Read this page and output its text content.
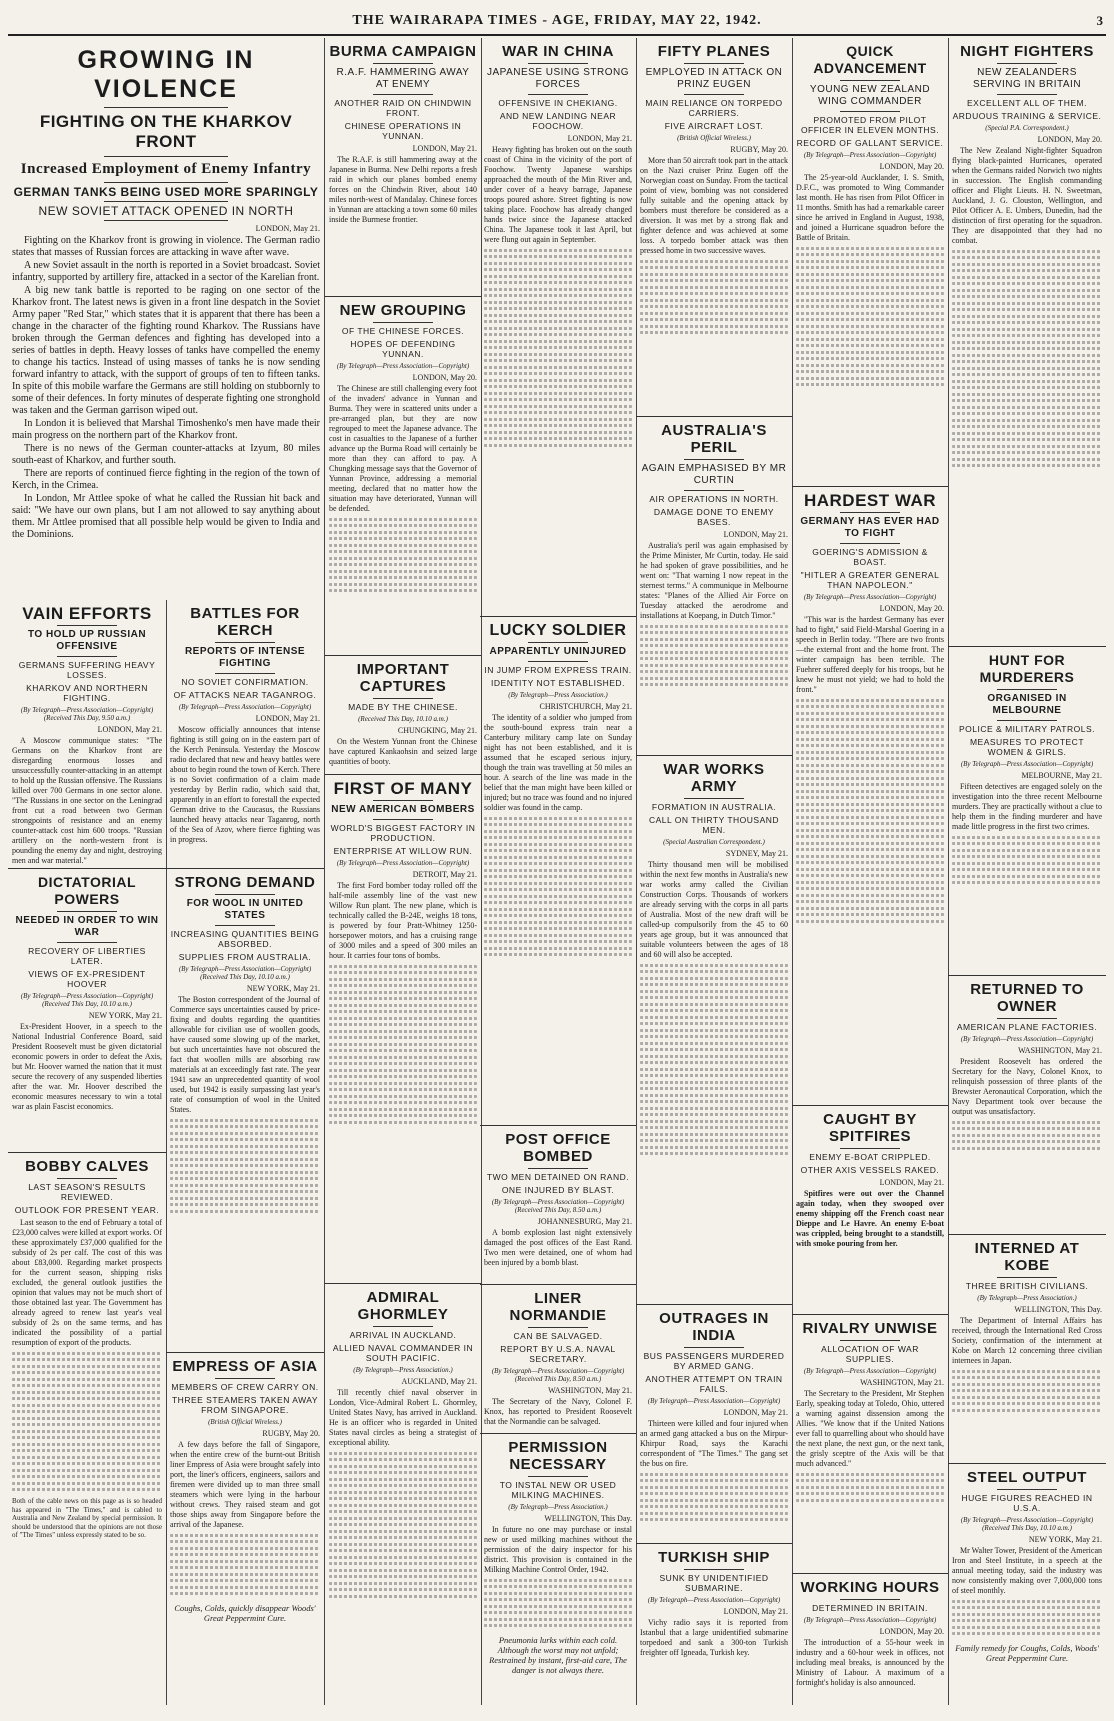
THE WAIRARAPA TIMES - AGE, FRIDAY, MAY 22, 1942.	3
GROWING IN VIOLENCE
FIGHTING ON THE KHARKOV FRONT
Increased Employment of Enemy Infantry
GERMAN TANKS BEING USED MORE SPARINGLY
NEW SOVIET ATTACK OPENED IN NORTH
LONDON, May 21.

Fighting on the Kharkov front is growing in violence. The German radio states that masses of Russian forces are attacking in wave after wave.

A new Soviet assault in the north is reported in a Soviet broadcast. Soviet infantry, supported by artillery fire, attacked in a sector of the Karelian front.

A big new tank battle is reported to be raging on one sector of the Kharkov front. The latest news is given in a front line despatch in the Soviet Army paper "Red Star," which states that it is apparent that there has been a change in the character of the fighting round Kharkov. The Russians have broken through the German defences and fighting has developed into a series of battles in depth. Heavy losses of tanks have compelled the enemy to change his tactics. Instead of using masses of tanks he is now sending forward infantry to attack, with the support of groups of ten to fifteen tanks. In spite of this mobile warfare the Germans are still holding on stubbornly to some of their defences. In forty minutes of desperate fighting one stronghold was taken and the German garrison wiped out.

In London it is believed that Marshal Timoshenko's men have made their main progress on the northern part of the Kharkov front.

There is no news of the German counter-attacks at Izyum, 80 miles south-east of Kharkov, and further south.

There are reports of continued fierce fighting in the region of the town of Kerch, in the Crimea.

In London, Mr Attlee spoke of what he called the Russian hit back and said: "We have our own plans, but I am not allowed to say anything about them. Mr Attlee promised that all possible help would be given to India and the Dominions.

VAIN EFFORTS
TO HOLD UP RUSSIAN OFFENSIVE
GERMANS SUFFERING HEAVY LOSSES.
KHARKOV AND NORTHERN FIGHTING.
(By Telegraph—Press Association—Copyright) (Received This Day, 9.50 a.m.)
LONDON, May 21.

A Moscow communique states: "The Germans on the Kharkov front are disregarding enormous losses and unsuccessfully counter-attacking in an attempt to hold up the Russian offensive. The Russians killed over 700 Germans in one sector alone. "The Russians in one sector on the Leningrad front cut a road between two German strongpoints of resistance and an enemy counter-attack cost him 600 troops. "Russian artillery on the north-western front is pounding the enemy day and night, destroying men and war material."

DICTATORIAL POWERS
NEEDED IN ORDER TO WIN WAR
RECOVERY OF LIBERTIES LATER.
VIEWS OF EX-PRESIDENT HOOVER
(By Telegraph—Press Association—Copyright) (Received This Day, 10.10 a.m.)
NEW YORK, May 21.

Ex-President Hoover, in a speech to the National Industrial Conference Board, said President Roosevelt must be given dictatorial economic powers in order to defeat the Axis, but Mr. Hoover warned the nation that it must secure the recovery of any suspended liberties after the war. Mr. Hoover described the economic measures necessary to win a total war as plain Fascist economics.

BOBBY CALVES
LAST SEASON'S RESULTS REVIEWED.
OUTLOOK FOR PRESENT YEAR.

Last season to the end of February a total of £23,000 calves were killed at export works. Of these approximately £37,000 qualified for the subsidy of 2s per calf. The cost of this was about £83,000. Regarding market prospects for the current season, shipping risks excluded, the general outlook justifies the opinion that values may not be much short of those obtained last year. The Government has already agreed to renew last year's veal subsidy of 2s on the same terms, and has indicated the possibility of a partial resumption of export of the products.

Both of the cable news on this page as is so headed has appeared in "The Times," and is cabled to Australia and New Zealand by special permission. It should be understood that the opinions are not those of "The Times" unless expressly stated to be so.

BATTLES FOR KERCH
REPORTS OF INTENSE FIGHTING
NO SOVIET CONFIRMATION.
OF ATTACKS NEAR TAGANROG.
(By Telegraph—Press Association—Copyright)
LONDON, May 21.

Moscow officially announces that intense fighting is still going on in the eastern part of the Kerch Peninsula. Yesterday the Moscow radio declared that new and heavy battles were about to begin round the town of Kerch. There is no Soviet confirmation of a claim made yesterday by Berlin radio, which said that, apparently in an effort to forestall the expected German drive to the Caucasus, the Russians launched heavy attacks near Taganrog, north of the Sea of Azov, where fierce fighting was in progress.

STRONG DEMAND
FOR WOOL IN UNITED STATES
INCREASING QUANTITIES BEING ABSORBED.
SUPPLIES FROM AUSTRALIA.
(By Telegraph—Press Association—Copyright) (Received This Day, 10.10 a.m.)
NEW YORK, May 21.

The Boston correspondent of the Journal of Commerce says uncertainties caused by price-fixing and doubts regarding the quantities allowable for civilian use of woollen goods, have caused some slowing up of the market, but such uncertainties have not obscured the fact that woollen mills are absorbing raw materials at an exceedingly fast rate. The year 1941 saw an unprecedented quantity of wool used, but 1942 is easily surpassing last year's rate of consumption of wool in the United States.

EMPRESS OF ASIA
MEMBERS OF CREW CARRY ON.
THREE STEAMERS TAKEN AWAY FROM SINGAPORE.
(British Official Wireless.)
RUGBY, May 20.

A few days before the fall of Singapore, when the entire crew of the burnt-out British liner Empress of Asia were brought safely into port, the liner's officers, engineers, sailors and firemen were divided up to man three small steamers which were lying in the harbour without crews. They raised steam and got those ships away from Singapore before the arrival of the Japanese.

Coughs, Colds, quickly disappear Woods' Great Peppermint Cure.
BURMA CAMPAIGN
R.A.F. HAMMERING AWAY AT ENEMY
ANOTHER RAID ON CHINDWIN FRONT.
CHINESE OPERATIONS IN YUNNAN.
LONDON, May 21.

The R.A.F. is still hammering away at the Japanese in Burma. New Delhi reports a fresh raid in which our planes bombed enemy forces on the Chindwin River, about 140 miles north-west of Mandalay. Chinese forces in Yunnan are attacking a town some 60 miles inside the Burmese frontier.

NEW GROUPING
OF THE CHINESE FORCES.
HOPES OF DEFENDING YUNNAN.
(By Telegraph—Press Association—Copyright)
LONDON, May 20.

The Chinese are still challenging every foot of the invaders' advance in Yunnan and Burma. They were in scattered units under a pre-arranged plan, but they are now regrouped to meet the Japanese advance. The cost in casualties to the Japanese of a further advance up the Burma Road will certainly be more than they can afford to pay. A Chungking message says that the Governor of Yunnan Province, addressing a memorial meeting, declared that no matter how the situation may have deteriorated, Yunnan will be defended.

IMPORTANT CAPTURES
MADE BY THE CHINESE.
(Received This Day, 10.10 a.m.)
CHUNGKING, May 21.

On the Western Yunnan front the Chinese have captured Kankaohsin and seized large quantities of booty.

FIRST OF MANY
NEW AMERICAN BOMBERS
WORLD'S BIGGEST FACTORY IN PRODUCTION.
ENTERPRISE AT WILLOW RUN.
(By Telegraph—Press Association—Copyright)
DETROIT, May 21.

The first Ford bomber today rolled off the half-mile assembly line of the vast new Willow Run plant. The new plane, which is technically called the B-24E, weighs 18 tons, is powered by four Pratt-Whitney 1250-horsepower motors, and has a cruising range of 3000 miles and a speed of 300 miles an hour. It carries four tons of bombs.

ADMIRAL GHORMLEY
ARRIVAL IN AUCKLAND.
ALLIED NAVAL COMMANDER IN SOUTH PACIFIC.
(By Telegraph—Press Association.)
AUCKLAND, May 21.

Till recently chief naval observer in London, Vice-Admiral Robert L. Ghormley, United States Navy, has arrived in Auckland. He is an officer who is regarded in United States naval circles as being a strategist of exceptional ability.

WAR IN CHINA
JAPANESE USING STRONG FORCES
OFFENSIVE IN CHEKIANG.
AND NEW LANDING NEAR FOOCHOW.
LONDON, May 21.

Heavy fighting has broken out on the south coast of China in the vicinity of the port of Foochow. Twenty Japanese warships approached the mouth of the Min River and, under cover of a heavy barrage, Japanese troops poured ashore. Street fighting is now taking place. Foochow has already changed hands twice since the Japanese attacked China. The Japanese took it last April, but were flung out again in September.

LUCKY SOLDIER
APPARENTLY UNINJURED
IN JUMP FROM EXPRESS TRAIN.
IDENTITY NOT ESTABLISHED.
(By Telegraph—Press Association.)
CHRISTCHURCH, May 21.

The identity of a soldier who jumped from the south-bound express train near a Canterbury military camp late on Sunday night has not been established, and it is assumed that he escaped serious injury, though the train was travelling at 50 miles an hour. A search of the line was made in the belief that the man might have been killed or injured; but no trace was found and no injured soldier was found in the camp.

POST OFFICE BOMBED
TWO MEN DETAINED ON RAND.
ONE INJURED BY BLAST.
(By Telegraph—Press Association—Copyright) (Received This Day, 8.50 a.m.)
JOHANNESBURG, May 21.

A bomb explosion last night extensively damaged the post offices of the East Rand. Two men were detained, one of whom had been injured by a bomb blast.

LINER NORMANDIE
CAN BE SALVAGED.
REPORT BY U.S.A. NAVAL SECRETARY.
(By Telegraph—Press Association—Copyright) (Received This Day, 8.50 a.m.)
WASHINGTON, May 21.

The Secretary of the Navy, Colonel F. Knox, has reported to President Roosevelt that the Normandie can be salvaged.

PERMISSION NECESSARY
TO INSTAL NEW OR USED MILKING MACHINES.
(By Telegraph—Press Association.)
WELLINGTON, This Day.

In future no one may purchase or instal new or used milking machines without the permission of the dairy inspector for his district. This provision is contained in the Milking Machine Control Order, 1942.

Pneumonia lurks within each cold. Although the worst may not unfold; Restrained by instant, first-aid care, The danger is not always there.
FIFTY PLANES
EMPLOYED IN ATTACK ON PRINZ EUGEN
MAIN RELIANCE ON TORPEDO CARRIERS.
FIVE AIRCRAFT LOST.
(British Official Wireless.)
RUGBY, May 20.

More than 50 aircraft took part in the attack on the Nazi cruiser Prinz Eugen off the Norwegian coast on Sunday. From the tactical point of view, bombing was not considered fully suitable and the opening attack by bombers must therefore be considered as a diversion. It was met by a strong flak and fighter defence and was achieved at some loss. A torpedo bomber attack was then pressed home in two successive waves.

AUSTRALIA'S PERIL
AGAIN EMPHASISED BY MR CURTIN
AIR OPERATIONS IN NORTH.
DAMAGE DONE TO ENEMY BASES.
LONDON, May 21.

Australia's peril was again emphasised by the Prime Minister, Mr Curtin, today. He said he had spoken of grave possibilities, and he went on: "That warning I now repeat in the sternest terms." A communique in Melbourne states: "Planes of the Allied Air Force on Tuesday attacked the aerodrome and installations at Koepang, in Dutch Timor."

WAR WORKS ARMY
FORMATION IN AUSTRALIA.
CALL ON THIRTY THOUSAND MEN.
(Special Australian Correspondent.)
SYDNEY, May 21.

Thirty thousand men will be mobilised within the next few months in Australia's new war works army called the Civilian Construction Corps. Thousands of workers are already serving with the corps in all parts of Australia. Most of the new draft will be called-up compulsorily from the 45 to 60 years age group, but it was announced that suitable volunteers between the ages of 18 and 60 will also be accepted.

OUTRAGES IN INDIA
BUS PASSENGERS MURDERED BY ARMED GANG.
ANOTHER ATTEMPT ON TRAIN FAILS.
(By Telegraph—Press Association—Copyright)
LONDON, May 21.

Thirteen were killed and four injured when an armed gang attacked a bus on the Mirpur-Khirpur Road, says the Karachi correspondent of "The Times." The gang set the bus on fire.

TURKISH SHIP
SUNK BY UNIDENTIFIED SUBMARINE.
(By Telegraph—Press Association—Copyright)
LONDON, May 21.

Vichy radio says it is reported from Istanbul that a large unidentified submarine torpedoed and sank a 300-ton Turkish freighter off Igneada, Turkish key.

QUICK ADVANCEMENT
YOUNG NEW ZEALAND WING COMMANDER
PROMOTED FROM PILOT OFFICER IN ELEVEN MONTHS.
RECORD OF GALLANT SERVICE.
(By Telegraph—Press Association—Copyright)
LONDON, May 20.

The 25-year-old Aucklander, I. S. Smith, D.F.C., was promoted to Wing Commander last month. He has risen from Pilot Officer in 11 months. Smith has had a remarkable career since he arrived in England in August, 1938, and joined a Hurricane squadron before the Battle of Britain.

HARDEST WAR
GERMANY HAS EVER HAD TO FIGHT
GOERING'S ADMISSION & BOAST.
"HITLER A GREATER GENERAL THAN NAPOLEON."
(By Telegraph—Press Association—Copyright)
LONDON, May 20.

"This war is the hardest Germany has ever had to fight," said Field-Marshal Goering in a speech in Berlin today. "There are two fronts—the external front and the home front. The winter campaign has been terrible. The Fuehrer suffered deeply for his troops, but he knew he must not yield; we had to hold the front."

CAUGHT BY SPITFIRES
ENEMY E-BOAT CRIPPLED.
OTHER AXIS VESSELS RAKED.
LONDON, May 21.

Spitfires were out over the Channel again today, when they swooped over enemy shipping off the French coast near Dieppe and Le Havre. An enemy E-boat was crippled, being brought to a standstill, with smoke pouring from her.

RIVALRY UNWISE
ALLOCATION OF WAR SUPPLIES.
(By Telegraph—Press Association—Copyright)
WASHINGTON, May 21.

The Secretary to the President, Mr Stephen Early, speaking today at Toledo, Ohio, uttered a warning against dissension among the Allies. "We know that if the United Nations ever fall to quarrelling about who should have the next plane, the next gun, or the next tank, the grisly sceptre of the Axis will be that much advanced."

WORKING HOURS
DETERMINED IN BRITAIN.
(By Telegraph—Press Association—Copyright)
LONDON, May 20.

The introduction of a 55-hour week in industry and a 60-hour week in offices, not including meal breaks, is announced by the Ministry of Labour. A maximum of a fortnight's holiday is also announced.

NIGHT FIGHTERS
NEW ZEALANDERS SERVING IN BRITAIN
EXCELLENT ALL OF THEM.
ARDUOUS TRAINING & SERVICE.
(Special P.A. Correspondent.)
LONDON, May 20.

The New Zealand Night-fighter Squadron flying black-painted Hurricanes, operated when the Germans raided Norwich two nights in succession. The English commanding officer and Flight Lieuts. H. N. Sweetman, Auckland, J. G. Clouston, Wellington, and Pilot Officer A. E. Umbers, Dunedin, had the distinction of first operating for the squadron. They are disappointed that they had no combat.

HUNT FOR MURDERERS
ORGANISED IN MELBOURNE
POLICE & MILITARY PATROLS.
MEASURES TO PROTECT WOMEN & GIRLS.
(By Telegraph—Press Association—Copyright)
MELBOURNE, May 21.

Fifteen detectives are engaged solely on the investigation into the three recent Melbourne murders. They are practically without a clue to help them in the finding murderer and have made little progress in the first two crimes.

RETURNED TO OWNER
AMERICAN PLANE FACTORIES.
(By Telegraph—Press Association—Copyright)
WASHINGTON, May 21.

President Roosevelt has ordered the Secretary for the Navy, Colonel Knox, to relinquish possession of three plants of the Brewster Aeronautical Corporation, which the Navy Department took over because the output was unsatisfactory.

INTERNED AT KOBE
THREE BRITISH CIVILIANS.
(By Telegraph—Press Association.)
WELLINGTON, This Day.

The Department of Internal Affairs has received, through the International Red Cross Society, confirmation of the internment at Kobe on March 12 concerning three civilian internees in Japan.

STEEL OUTPUT
HUGE FIGURES REACHED IN U.S.A.
(By Telegraph—Press Association—Copyright) (Received This Day, 10.10 a.m.)
NEW YORK, May 21.

Mr Walter Tower, President of the American Iron and Steel Institute, in a speech at the annual meeting today, said the industry was now consistently making over 7,000,000 tons of steel monthly.

Family remedy for Coughs, Colds, Woods' Great Peppermint Cure.
